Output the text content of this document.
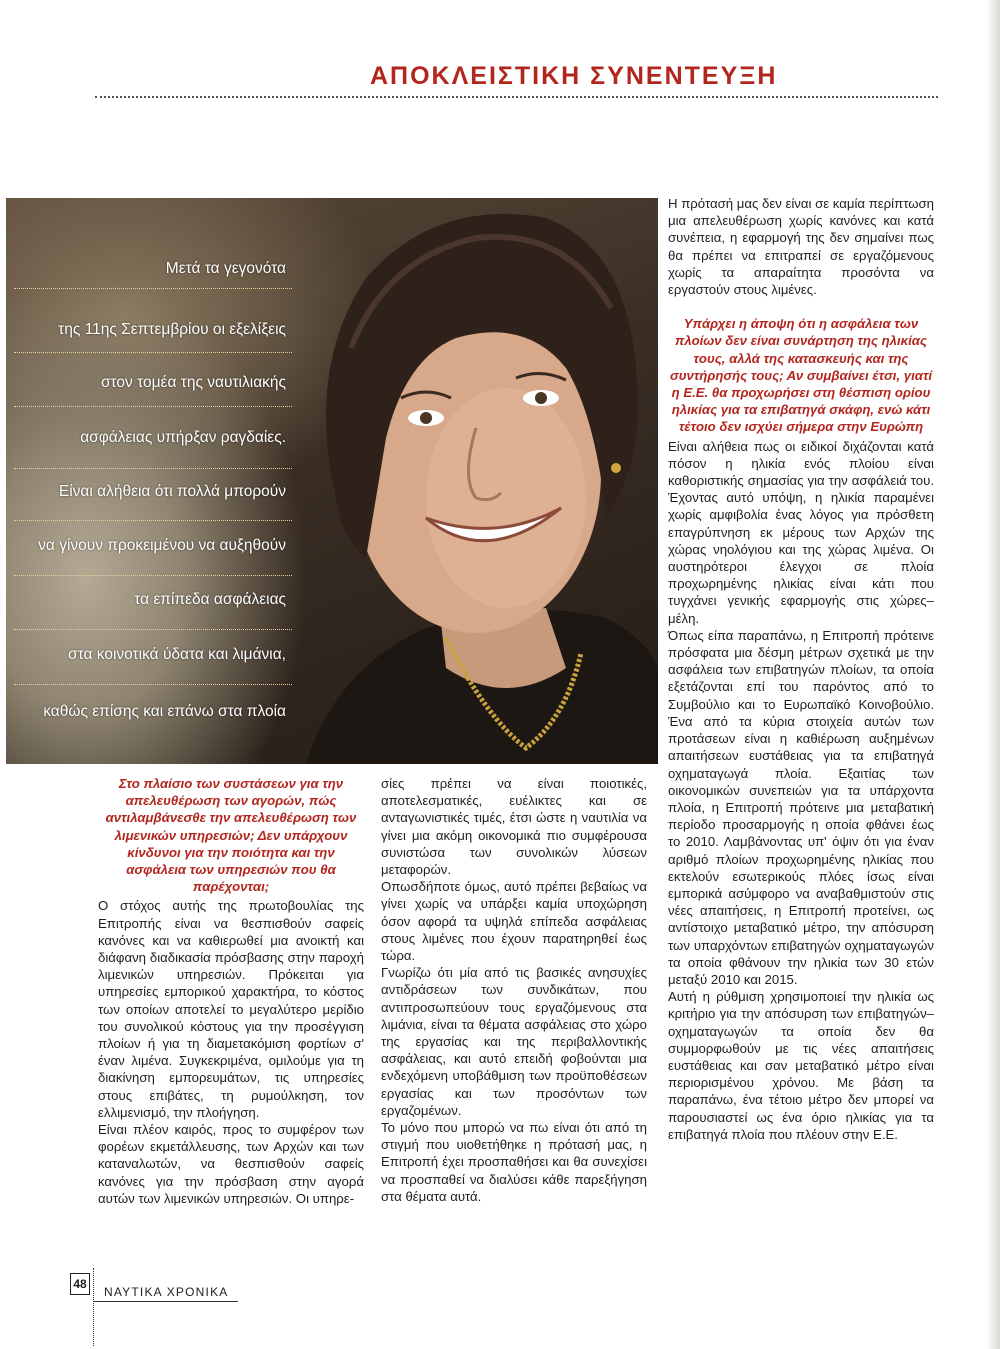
ΑΠΟΚΛΕΙΣΤΙΚΗ ΣΥΝΕΝΤΕΥΞΗ
Μετά τα γεγονότα
της 11ης Σεπτεμβρίου οι εξελίξεις
στον τομέα της ναυτιλιακής
ασφάλειας υπήρξαν ραγδαίες.
Είναι αλήθεια ότι πολλά μπορούν
να γίνουν προκειμένου να αυξηθούν
τα επίπεδα ασφάλειας
στα κοινοτικά ύδατα και λιμάνια,
καθώς επίσης και επάνω στα πλοία

Στο πλαίσιο των συστάσεων για την απελευθέρωση των αγορών, πώς αντιλαμβάνεσθε την απελευθέρωση των λιμενικών υπηρεσιών; Δεν υπάρχουν κίνδυνοι για την ποιότητα και την ασφάλεια των υπηρεσιών που θα παρέχονται;

Ο στόχος αυτής της πρωτοβουλίας της Επιτροπής είναι να θεσπισθούν σαφείς κανόνες και να καθιερωθεί μια ανοικτή και διάφανη διαδικασία πρόσβασης στην παροχή λιμενικών υπηρεσιών. Πρόκειται για υπηρεσίες εμπορικού χαρακτήρα, το κόστος των οποίων αποτελεί το μεγαλύτερο μερίδιο του συνολικού κόστους για την προσέγγιση πλοίων ή για τη διαμετακόμιση φορτίων σ' έναν λιμένα. Συγκεκριμένα, ομιλούμε για τη διακίνηση εμπορευμάτων, τις υπηρεσίες στους επιβάτες, τη ρυμούλκηση, τον ελλιμενισμό, την πλοήγηση.

Είναι πλέον καιρός, προς το συμφέρον των φορέων εκμετάλλευσης, των Αρχών και των καταναλωτών, να θεσπισθούν σαφείς κανόνες για την πρόσβαση στην αγορά αυτών των λιμενικών υπηρεσιών. Οι υπηρε-

σίες πρέπει να είναι ποιοτικές, αποτελεσματικές, ευέλικτες και σε ανταγωνιστικές τιμές, έτσι ώστε η ναυτιλία να γίνει μια ακόμη οικονομικά πιο συμφέρουσα συνιστώσα των συνολικών λύσεων μεταφορών.

Οπωσδήποτε όμως, αυτό πρέπει βεβαίως να γίνει χωρίς να υπάρξει καμία υποχώρηση όσον αφορά τα υψηλά επίπεδα ασφάλειας στους λιμένες που έχουν παρατηρηθεί έως τώρα.

Γνωρίζω ότι μία από τις βασικές ανησυχίες αντιδράσεων των συνδικάτων, που αντιπροσωπεύουν τους εργαζόμενους στα λιμάνια, είναι τα θέματα ασφάλειας στο χώρο της εργασίας και της περιβαλλοντικής ασφάλειας, και αυτό επειδή φοβούνται μια ενδεχόμενη υποβάθμιση των προϋποθέσεων εργασίας και των προσόντων των εργαζομένων.

Το μόνο που μπορώ να πω είναι ότι από τη στιγμή που υιοθετήθηκε η πρότασή μας, η Επιτροπή έχει προσπαθήσει και θα συνεχίσει να προσπαθεί να διαλύσει κάθε παρεξήγηση στα θέματα αυτά.

Η πρότασή μας δεν είναι σε καμία περίπτωση μια απελευθέρωση χωρίς κανόνες και κατά συνέπεια, η εφαρμογή της δεν σημαίνει πως θα πρέπει να επιτραπεί σε εργαζόμενους χωρίς τα απαραίτητα προσόντα να εργαστούν στους λιμένες.

Υπάρχει η άποψη ότι η ασφάλεια των πλοίων δεν είναι συνάρτηση της ηλικίας τους, αλλά της κατασκευής και της συντήρησής τους; Αν συμβαίνει έτσι, γιατί η Ε.Ε. θα προχωρήσει στη θέσπιση ορίου ηλικίας για τα επιβατηγά σκάφη, ενώ κάτι τέτοιο δεν ισχύει σήμερα στην Ευρώπη

Είναι αλήθεια πως οι ειδικοί διχάζονται κατά πόσον η ηλικία ενός πλοίου είναι καθοριστικής σημασίας για την ασφάλειά του. Έχοντας αυτό υπόψη, η ηλικία παραμένει χωρίς αμφιβολία ένας λόγος για πρόσθετη επαγρύπνηση εκ μέρους των Αρχών της χώρας νηολόγιου και της χώρας λιμένα. Οι αυστηρότεροι έλεγχοι σε πλοία προχωρημένης ηλικίας είναι κάτι που τυγχάνει γενικής εφαρμογής στις χώρες–μέλη.

Όπως είπα παραπάνω, η Επιτροπή πρότεινε πρόσφατα μια δέσμη μέτρων σχετικά με την ασφάλεια των επιβατηγών πλοίων, τα οποία εξετάζονται επί του παρόντος από το Συμβούλιο και το Ευρωπαϊκό Κοινοβούλιο. Ένα από τα κύρια στοιχεία αυτών των προτάσεων είναι η καθιέρωση αυξημένων απαιτήσεων ευστάθειας για τα επιβατηγά οχηματαγωγά πλοία. Εξαιτίας των οικονομικών συνεπειών για τα υπάρχοντα πλοία, η Επιτροπή πρότεινε μια μεταβατική περίοδο προσαρμογής η οποία φθάνει έως το 2010. Λαμβάνοντας υπ' όψιν ότι για έναν αριθμό πλοίων προχωρημένης ηλικίας που εκτελούν εσωτερικούς πλόες ίσως είναι εμπορικά ασύμφορο να αναβαθμιστούν στις νέες απαιτήσεις, η Επιτροπή προτείνει, ως αντίστοιχο μεταβατικό μέτρο, την απόσυρση των υπαρχόντων επιβατηγών οχηματαγωγών τα οποία φθάνουν την ηλικία των 30 ετών μεταξύ 2010 και 2015.

Αυτή η ρύθμιση χρησιμοποιεί την ηλικία ως κριτήριο για την απόσυρση των επιβατηγών–οχηματαγωγών τα οποία δεν θα συμμορφωθούν με τις νέες απαιτήσεις ευστάθειας και σαν μεταβατικό μέτρο είναι περιορισμένου χρόνου. Με βάση τα παραπάνω, ένα τέτοιο μέτρο δεν μπορεί να παρουσιαστεί ως ένα όριο ηλικίας για τα επιβατηγά πλοία που πλέουν στην Ε.Ε.

48
ΝΑΥΤΙΚΑ ΧΡΟΝΙΚΑ
